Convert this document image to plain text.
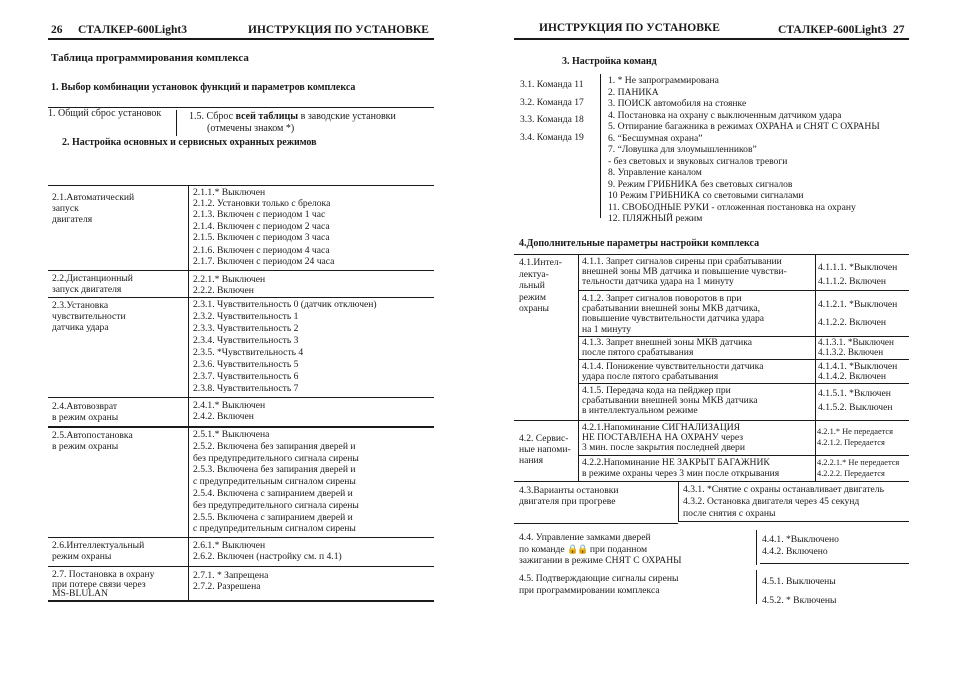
26 СТАЛКЕР-600Light3	ИНСТРУКЦИЯ ПО УСТАНОВКЕ
Таблица программирования комплекса
1. Выбор комбинации установок функций и параметров комплекса
1. Общий сброс установок	1.5. Сброс всей таблицы в заводские установки
(отмечены знаком *)
2. Настройка основных и сервисных охранных режимов
2.1.Автоматический
запуск
двигателя
2.1.1.* Выключен
2.1.2. Установки только с брелока
2.1.3. Включен с периодом 1 час
2.1.4. Включен с периодом 2 часа
2.1.5. Включен с периодом 3 часа
2.1.6. Включен с периодом 4 часа
2.1.7. Включен с периодом 24 часа
2.2.Дистанционный
запуск двигателя
2.2.1.* Выключен
2.2.2. Включен
2.3.Установка
чувствительности
датчика удара
2.3.1. Чувствительность 0 (датчик отключен)
2.3.2. Чувствительность 1
2.3.3. Чувствительность 2
2.3.4. Чувствительность 3
2.3.5. *Чувствительность 4
2.3.6. Чувствительность 5
2.3.7. Чувствительность 6
2.3.8. Чувствительность 7
2.4.Автовозврат
в режим охраны
2.4.1.* Выключен
2.4.2. Включен
2.5.Автопостановка
в режим охраны
2.5.1.* Выключена
2.5.2. Включена без запирания дверей и
без предупредительного сигнала сирены
2.5.3. Включена без запирания дверей и
с предупредительным сигналом сирены
2.5.4. Включена с запиранием дверей и
без предупредительного сигнала сирены
2.5.5. Включена с запиранием дверей и
с предупредительным сигналом сирены
2.6.Интеллектуальный
режим охраны
2.6.1.* Выключен
2.6.2. Включен (настройку см. п 4.1)
2.7. Постановка в охрану
при потере связи через
MS-BLULAN
2.7.1. * Запрещена
2.7.2. Разрешена
ИНСТРУКЦИЯ ПО УСТАНОВКЕ	СТАЛКЕР-600Light3 27
3. Настройка команд
3.1. Команда 11
3.2. Команда 17
3.3. Команда 18
3.4. Команда 19
1. * Не запрограммирована
2. ПАНИКА
3. ПОИСК автомобиля на стоянке
4. Постановка на охрану с выключенным датчиком удара
5. Отпирание багажника в режимах ОХРАНА и СНЯТ С ОХРАНЫ
6. “Бесшумная охрана”
7. “Ловушка для злоумышленников”
- без световых и звуковых сигналов тревоги
8. Управление каналом
9. Режим ГРИБНИКА без световых сигналов
10 Режим ГРИБНИКА со световыми сигналами
11. СВОБОДНЫЕ РУКИ - отложенная постановка на охрану
12. ПЛЯЖНЫЙ режим
4.Дополнительные параметры настройки комплекса
4.1.Интел-
лектуа-
льный
режим
охраны
4.1.1. Запрет сигналов сирены при срабатывании
внешней зоны МВ датчика и повышение чувстви-
тельности датчика удара на 1 минуту
4.1.1.1. *Выключен
4.1.1.2. Включен
4.1.2. Запрет сигналов поворотов в при
срабатывании внешней зоны МКВ датчика,
повышение чувствительности датчика удара
на 1 минуту
4.1.2.1. *Выключен
4.1.2.2. Включен
4.1.3. Запрет внешней зоны МКВ датчика
после пятого срабатывания
4.1.3.1. *Выключен
4.1.3.2. Включен
4.1.4. Понижение чувствительности датчика
удара после пятого срабатывания
4.1.4.1. *Выключен
4.1.4.2. Включен
4.1.5. Передача кода на пейджер при
срабатывании внешней зоны МКВ датчика
в интеллектуальном режиме
4.1.5.1. *Включен
4.1.5.2. Выключен
4.2. Сервис-
ные напоми-
нания
4.2.1.Напоминание СИГНАЛИЗАЦИЯ
НЕ ПОСТАВЛЕНА НА ОХРАНУ через
3 мин. после закрытия последней двери
4.2.1.* Не передается
4.2.1.2. Передается
4.2.2.Напоминание НЕ ЗАКРЫТ БАГАЖНИК
в режиме охраны через 3 мин после открывания
4.2.2.1.* Не передается
4.2.2.2. Передается
4.3.Варианты остановки
двигателя при прогреве
4.3.1. *Снятие с охраны останавливает двигатель
4.3.2. Остановка двигателя через 45 секунд
после снятия с охраны
4.4. Управление замками дверей
по команде 🔒🔒 при поданном
зажигании в режиме СНЯТ С ОХРАНЫ
4.4.1. *Выключено
4.4.2. Включено
4.5. Подтверждающие сигналы сирены
при программировании комплекса
4.5.1. Выключены
4.5.2. * Включены
